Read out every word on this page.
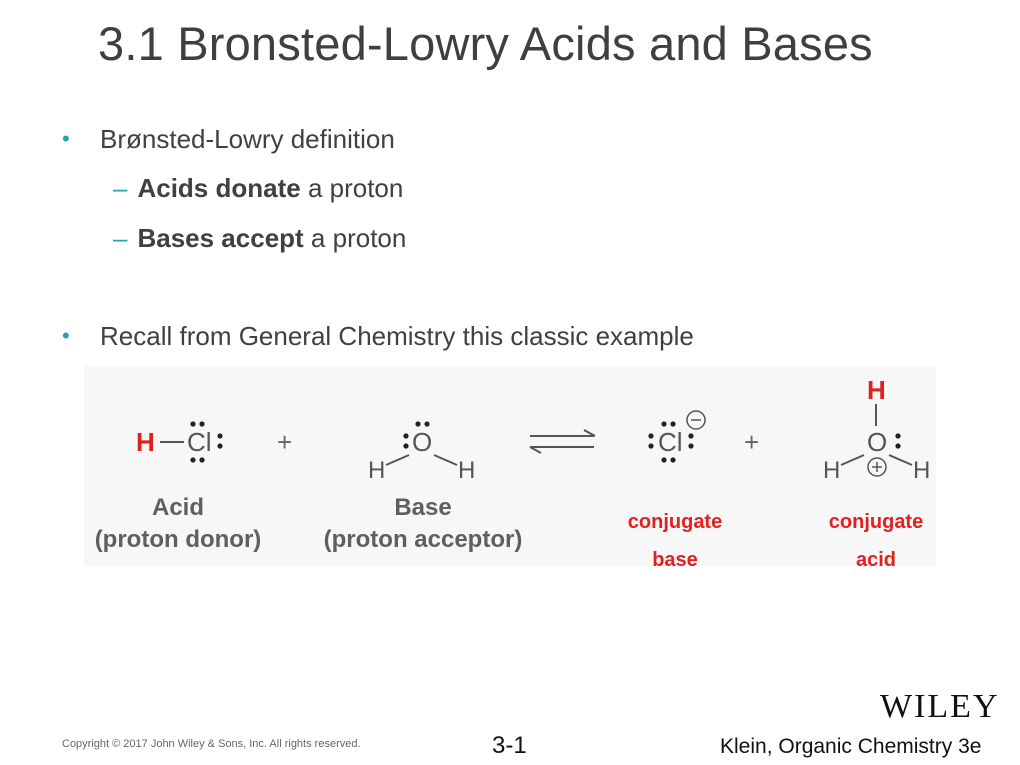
3.1 Bronsted-Lowry Acids and Bases
• Brønsted-Lowry definition
– Acids donate a proton
– Bases accept a proton
• Recall from General Chemistry this classic example
H Cl	+	O
H	H
Cl +
H
O
H	H
Acid
(proton donor)
Base
(proton acceptor)
conjugate
base
conjugate
acid
WILEY
Copyright © 2017 John Wiley & Sons, Inc. All rights reserved.	3-1	Klein, Organic Chemistry 3e
